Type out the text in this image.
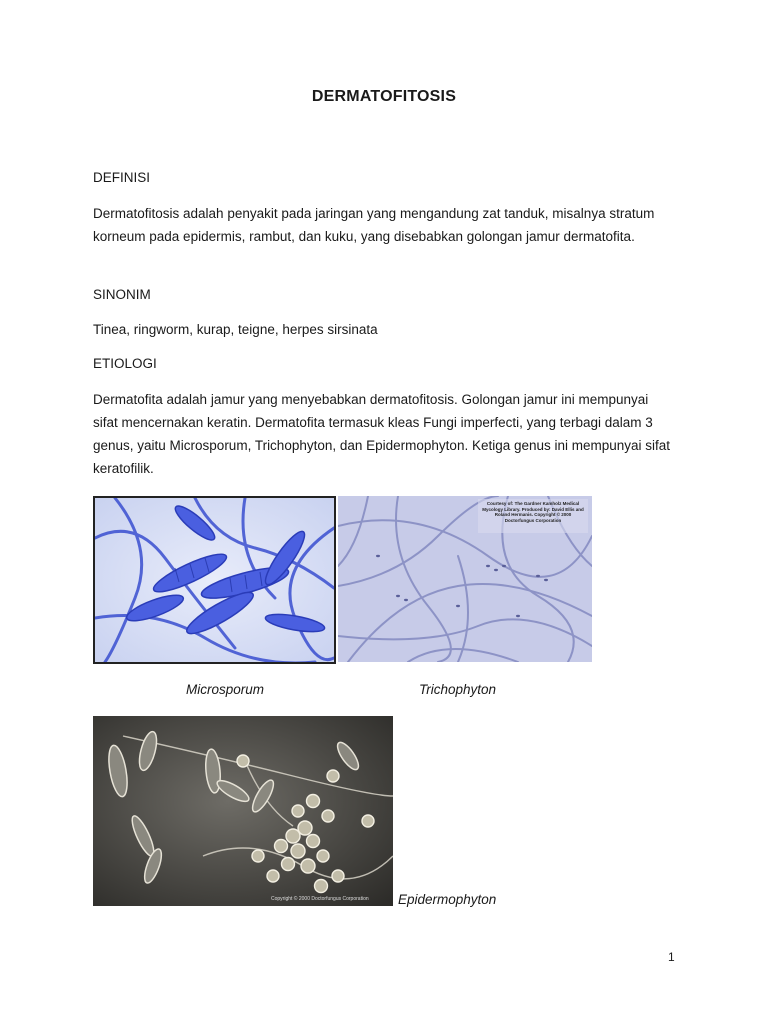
DERMATOFITOSIS
DEFINISI

Dermatofitosis adalah penyakit pada jaringan yang mengandung zat tanduk, misalnya stratum korneum pada epidermis, rambut, dan kuku, yang disebabkan golongan jamur dermatofita.

SINONIM

Tinea, ringworm, kurap, teigne, herpes sirsinata

ETIOLOGI

Dermatofita adalah jamur yang menyebabkan dermatofitosis. Golongan jamur ini mempunyai sifat mencernakan keratin. Dermatofita termasuk kleas Fungi imperfecti, yang terbagi dalam 3 genus, yaitu Microsporum, Trichophyton, dan Epidermophyton. Ketiga genus ini mempunyai sifat keratofilik.

Courtesy of: The Gardner Kamholz Medical Mycology Library. Produced by: David Ellis and Roland Hermanis. Copyright © 2000 Doctorfungus Corporation
Microsporum	Trichophyton
Copyright © 2000 Doctorfungus Corporation Epidermophyton
1
